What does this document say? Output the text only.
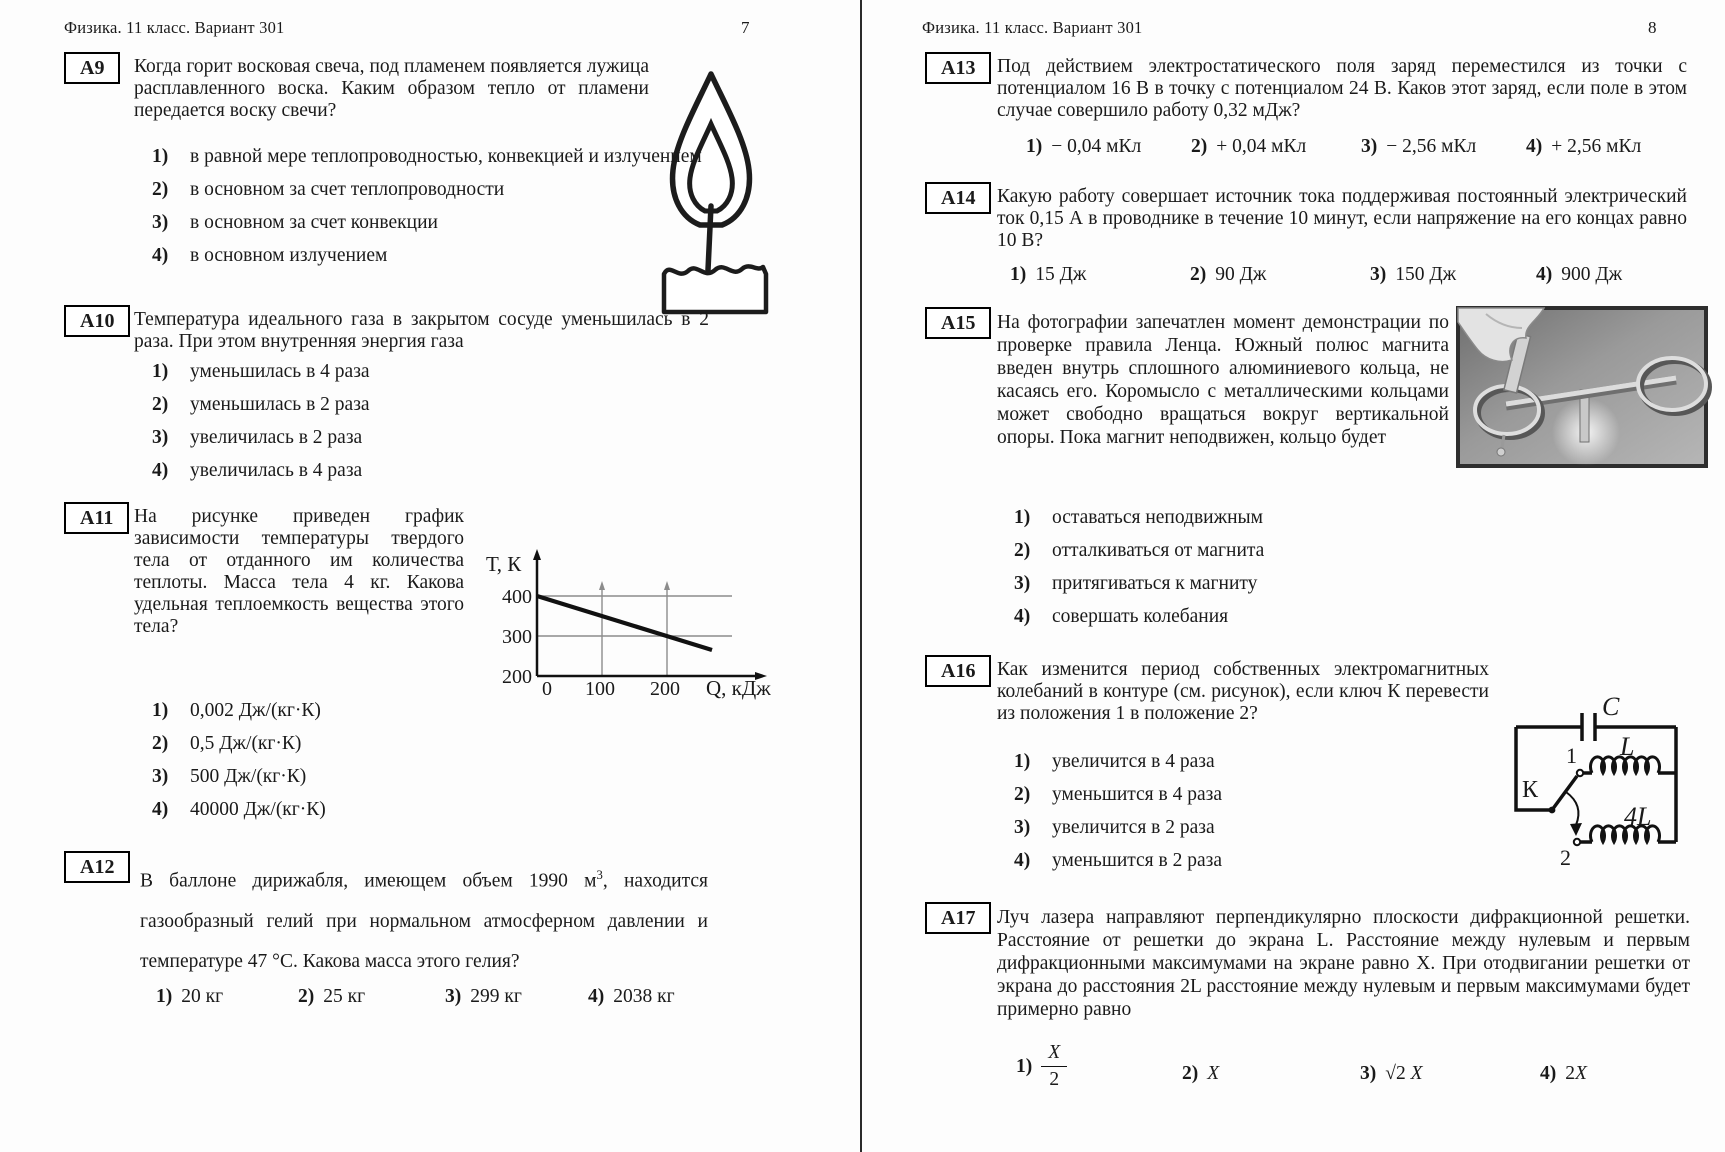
Физика. 11 класс. Вариант 301	7
А9	Когда горит восковая свеча, под пламенем появляется лужица расплавленного воска. Каким образом тепло от пламени передается воску свечи?
1)	в равной мере теплопроводностью, конвекцией и излучением
2)	в основном за счет теплопроводности
3)	в основном за счет конвекции
4)	в основном излучением
А10	Температура идеального газа в закрытом сосуде уменьшилась в 2 раза. При этом внутренняя энергия газа
1)	уменьшилась в 4 раза
2)	уменьшилась в 2 раза
3)	увеличилась в 2 раза
4)	увеличилась в 4 раза
А11	На рисунке приведен график зависимости температуры твердого тела от отданного им количества теплоты. Масса тела 4 кг. Какова удельная теплоемкость вещества этого тела?
Т, К
400
300
200
0 100 200 Q, кДж
1)	0,002 Дж/(кг·К)
2)	0,5 Дж/(кг·К)
3)	500 Дж/(кг·К)
4)	40000 Дж/(кг·К)
А12
В баллоне дирижабля, имеющем объем 1990 $м^3$, находится газообразный гелий при нормальном атмосферном давлении и температуре 47 °С. Какова масса этого гелия?
1) 20 кг	2) 25 кг	3) 299 кг	4) 2038 кг
Физика. 11 класс. Вариант 301	8
А13	Под действием электростатического поля заряд переместился из точки с потенциалом 16 В в точку с потенциалом 24 В. Каков этот заряд, если поле в этом случае совершило работу 0,32 мДж?
1) − 0,04 мКл	2) + 0,04 мКл	3) − 2,56 мКл	4) + 2,56 мКл
А14	Какую работу совершает источник тока поддерживая постоянный электрический ток 0,15 А в проводнике в течение 10 минут, если напряжение на его концах равно 10 В?
1) 15 Дж	2) 90 Дж	3) 150 Дж	4) 900 Дж
А15	На фотографии запечатлен момент демонстрации по проверке правила Ленца. Южный полюс магнита введен внутрь сплошного алюминиевого кольца, не касаясь его. Коромысло с металлическими кольцами может свободно вращаться вокруг вертикальной опоры. Пока магнит неподвижен, кольцо будет
1)	оставаться неподвижным
2)	отталкиваться от магнита
3)	притягиваться к магниту
4)	совершать колебания
А16	Как изменится период собственных электромагнитных колебаний в контуре (см. рисунок), если ключ К перевести из положения 1 в положение 2?	C
К
1
2
L
4L
1)	увеличится в 4 раза
2)	уменьшится в 4 раза
3)	увеличится в 2 раза
4)	уменьшится в 2 раза
А17	Луч лазера направляют перпендикулярно плоскости дифракционной решетки. Расстояние от решетки до экрана L. Расстояние между нулевым и первым дифракционными максимумами на экране равно X. При отодвигании решетки от экрана до расстояния 2L расстояние между нулевым и первым максимумами будет примерно равно
$1) \frac{X}{2}$	2) X	3) √2 X	4) 2X
